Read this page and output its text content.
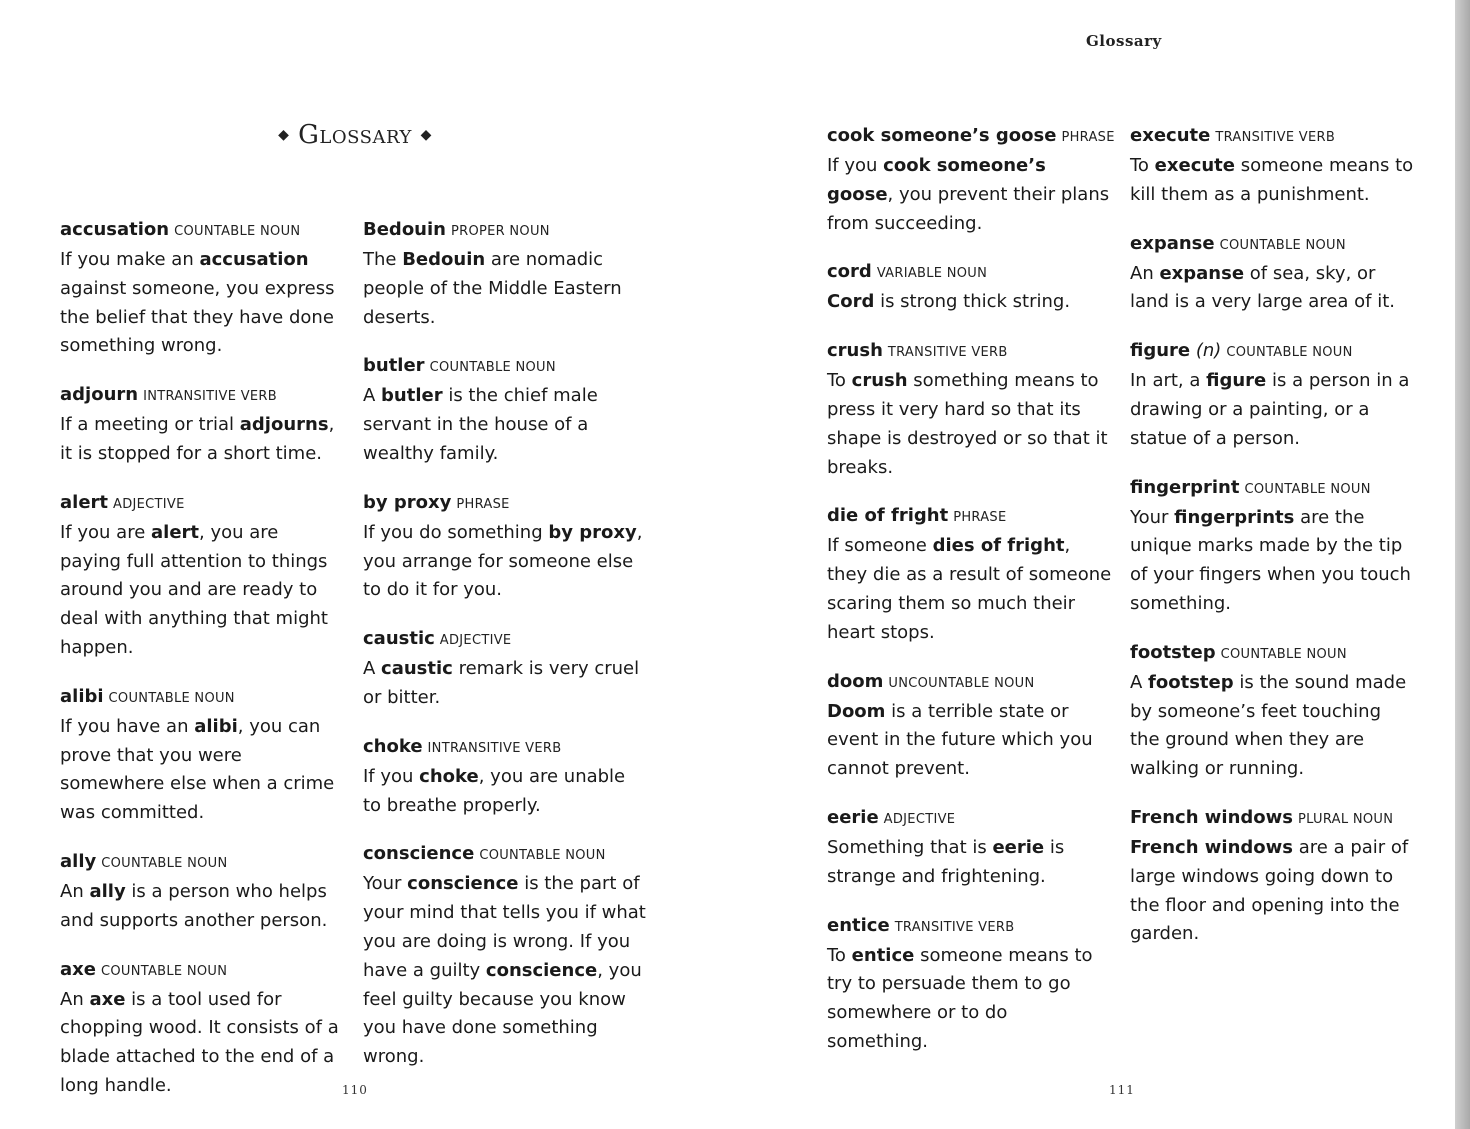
◆ Glossary ◆
accusation COUNTABLE NOUN
If you make an accusation against someone, you express the belief that they have done something wrong.
adjourn INTRANSITIVE VERB
If a meeting or trial adjourns, it is stopped for a short time.
alert ADJECTIVE
If you are alert, you are paying full attention to things around you and are ready to deal with anything that might happen.
alibi COUNTABLE NOUN
If you have an alibi, you can prove that you were somewhere else when a crime was committed.
ally COUNTABLE NOUN
An ally is a person who helps and supports another person.
axe COUNTABLE NOUN
An axe is a tool used for chopping wood. It consists of a blade attached to the end of a long handle.
Bedouin PROPER NOUN
The Bedouin are nomadic people of the Middle Eastern deserts.
butler COUNTABLE NOUN
A butler is the chief male servant in the house of a wealthy family.
by proxy PHRASE
If you do something by proxy, you arrange for someone else to do it for you.
caustic ADJECTIVE
A caustic remark is very cruel or bitter.
choke INTRANSITIVE VERB
If you choke, you are unable to breathe properly.
conscience COUNTABLE NOUN
Your conscience is the part of your mind that tells you if what you are doing is wrong. If you have a guilty conscience, you feel guilty because you know you have done something wrong.
110
Glossary
cook someone’s goose PHRASE
If you cook someone’s goose, you prevent their plans from succeeding.
cord VARIABLE NOUN
Cord is strong thick string.
crush TRANSITIVE VERB
To crush something means to press it very hard so that its shape is destroyed or so that it breaks.
die of fright PHRASE
If someone dies of fright, they die as a result of someone scaring them so much their heart stops.
doom UNCOUNTABLE NOUN
Doom is a terrible state or event in the future which you cannot prevent.
eerie ADJECTIVE
Something that is eerie is strange and frightening.
entice TRANSITIVE VERB
To entice someone means to try to persuade them to go somewhere or to do something.
execute TRANSITIVE VERB
To execute someone means to kill them as a punishment.
expanse COUNTABLE NOUN
An expanse of sea, sky, or land is a very large area of it.
figure (n) COUNTABLE NOUN
In art, a figure is a person in a drawing or a painting, or a statue of a person.
fingerprint COUNTABLE NOUN
Your fingerprints are the unique marks made by the tip of your fingers when you touch something.
footstep COUNTABLE NOUN
A footstep is the sound made by someone’s feet touching the ground when they are walking or running.
French windows PLURAL NOUN
French windows are a pair of large windows going down to the floor and opening into the garden.
111
